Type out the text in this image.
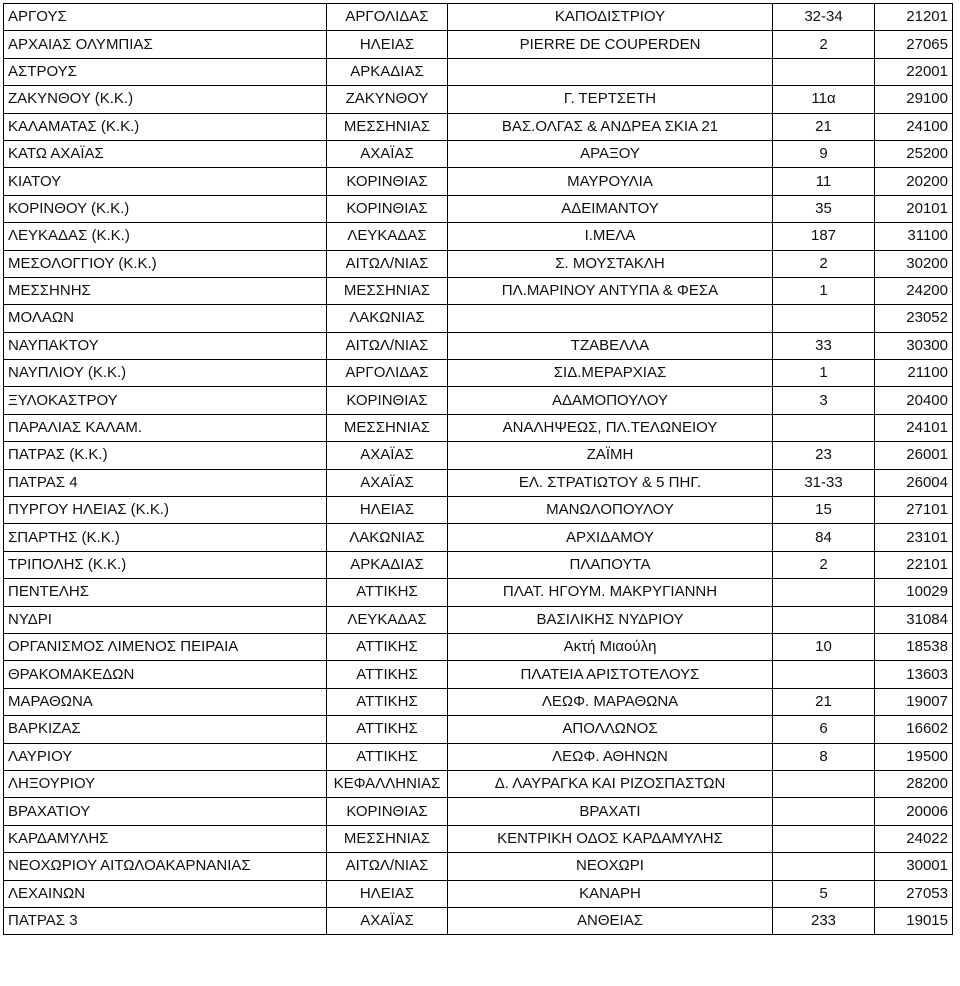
ΑΡΓΟΥΣ	ΑΡΓΟΛΙΔΑΣ	ΚΑΠΟΔΙΣΤΡΙΟΥ	32-34	21201
ΑΡΧΑΙΑΣ ΟΛΥΜΠΙΑΣ	ΗΛΕΙΑΣ	PIERRE DE COUPERDEN	2	27065
ΑΣΤΡΟΥΣ	ΑΡΚΑΔΙΑΣ			22001
ΖΑΚΥΝΘΟΥ (Κ.Κ.)	ΖΑΚΥΝΘΟΥ	Γ. ΤΕΡΤΣΕΤΗ	11α	29100
ΚΑΛΑΜΑΤΑΣ (Κ.Κ.)	ΜΕΣΣΗΝΙΑΣ	ΒΑΣ.ΟΛΓΑΣ & ΑΝΔΡΕΑ ΣΚΙΑ 21	21	24100
ΚΑΤΩ ΑΧΑΪΑΣ	ΑΧΑΪΑΣ	ΑΡΑΞΟΥ	9	25200
ΚΙΑΤΟΥ	ΚΟΡΙΝΘΙΑΣ	ΜΑΥΡΟΥΛΙΑ	11	20200
ΚΟΡΙΝΘΟΥ (Κ.Κ.)	ΚΟΡΙΝΘΙΑΣ	ΑΔΕΙΜΑΝΤΟΥ	35	20101
ΛΕΥΚΑΔΑΣ (Κ.Κ.)	ΛΕΥΚΑΔΑΣ	Ι.ΜΕΛΑ	187	31100
ΜΕΣΟΛΟΓΓΙΟΥ (Κ.Κ.)	ΑΙΤΩΛ/ΝΙΑΣ	Σ. ΜΟΥΣΤΑΚΛΗ	2	30200
ΜΕΣΣΗΝΗΣ	ΜΕΣΣΗΝΙΑΣ	ΠΛ.ΜΑΡΙΝΟΥ ΑΝΤΥΠΑ & ΦΕΣΑ	1	24200
ΜΟΛΑΩΝ	ΛΑΚΩΝΙΑΣ			23052
ΝΑΥΠΑΚΤΟΥ	ΑΙΤΩΛ/ΝΙΑΣ	ΤΖΑΒΕΛΛΑ	33	30300
ΝΑΥΠΛΙΟΥ (Κ.Κ.)	ΑΡΓΟΛΙΔΑΣ	ΣΙΔ.ΜΕΡΑΡΧΙΑΣ	1	21100
ΞΥΛΟΚΑΣΤΡΟΥ	ΚΟΡΙΝΘΙΑΣ	ΑΔΑΜΟΠΟΥΛΟΥ	3	20400
ΠΑΡΑΛΙΑΣ ΚΑΛΑΜ.	ΜΕΣΣΗΝΙΑΣ	ΑΝΑΛΗΨΕΩΣ, ΠΛ.ΤΕΛΩΝΕΙΟΥ		24101
ΠΑΤΡΑΣ (Κ.Κ.)	ΑΧΑΪΑΣ	ΖΑΪΜΗ	23	26001
ΠΑΤΡΑΣ 4	ΑΧΑΪΑΣ	ΕΛ. ΣΤΡΑΤΙΩΤΟΥ & 5 ΠΗΓ.	31-33	26004
ΠΥΡΓΟΥ ΗΛΕΙΑΣ (Κ.Κ.)	ΗΛΕΙΑΣ	ΜΑΝΩΛΟΠΟΥΛΟΥ	15	27101
ΣΠΑΡΤΗΣ (Κ.Κ.)	ΛΑΚΩΝΙΑΣ	ΑΡΧΙΔΑΜΟΥ	84	23101
ΤΡΙΠΟΛΗΣ (Κ.Κ.)	ΑΡΚΑΔΙΑΣ	ΠΛΑΠΟΥΤΑ	2	22101
ΠΕΝΤΕΛΗΣ	ΑΤΤΙΚΗΣ	ΠΛΑΤ. ΗΓΟΥΜ. ΜΑΚΡΥΓΙΑΝΝΗ		10029
ΝΥΔΡΙ	ΛΕΥΚΑΔΑΣ	ΒΑΣΙΛΙΚΗΣ ΝΥΔΡΙΟΥ		31084
ΟΡΓΑΝΙΣΜΟΣ ΛΙΜΕΝΟΣ ΠΕΙΡΑΙΑ	ΑΤΤΙΚΗΣ	Ακτή Μιαούλη	10	18538
ΘΡΑΚΟΜΑΚΕΔΩΝ	ΑΤΤΙΚΗΣ	ΠΛΑΤΕΙΑ ΑΡΙΣΤΟΤΕΛΟΥΣ		13603
ΜΑΡΑΘΩΝΑ	ΑΤΤΙΚΗΣ	ΛΕΩΦ. ΜΑΡΑΘΩΝΑ	21	19007
ΒΑΡΚΙΖΑΣ	ΑΤΤΙΚΗΣ	ΑΠΟΛΛΩΝΟΣ	6	16602
ΛΑΥΡΙΟΥ	ΑΤΤΙΚΗΣ	ΛΕΩΦ. ΑΘΗΝΩΝ	8	19500
ΛΗΞΟΥΡΙΟΥ	ΚΕΦΑΛΛΗΝΙΑΣ	Δ. ΛΑΥΡΑΓΚΑ ΚΑΙ ΡΙΖΟΣΠΑΣΤΩΝ		28200
ΒΡΑΧΑΤΙΟΥ	ΚΟΡΙΝΘΙΑΣ	ΒΡΑΧΑΤΙ		20006
ΚΑΡΔΑΜΥΛΗΣ	ΜΕΣΣΗΝΙΑΣ	ΚΕΝΤΡΙΚΗ ΟΔΟΣ ΚΑΡΔΑΜΥΛΗΣ		24022
ΝΕΟΧΩΡΙΟΥ ΑΙΤΩΛΟΑΚΑΡΝΑΝΙΑΣ	ΑΙΤΩΛ/ΝΙΑΣ	ΝΕΟΧΩΡΙ		30001
ΛΕΧΑΙΝΩΝ	ΗΛΕΙΑΣ	ΚΑΝΑΡΗ	5	27053
ΠΑΤΡΑΣ 3	ΑΧΑΪΑΣ	ΑΝΘΕΙΑΣ	233	19015
